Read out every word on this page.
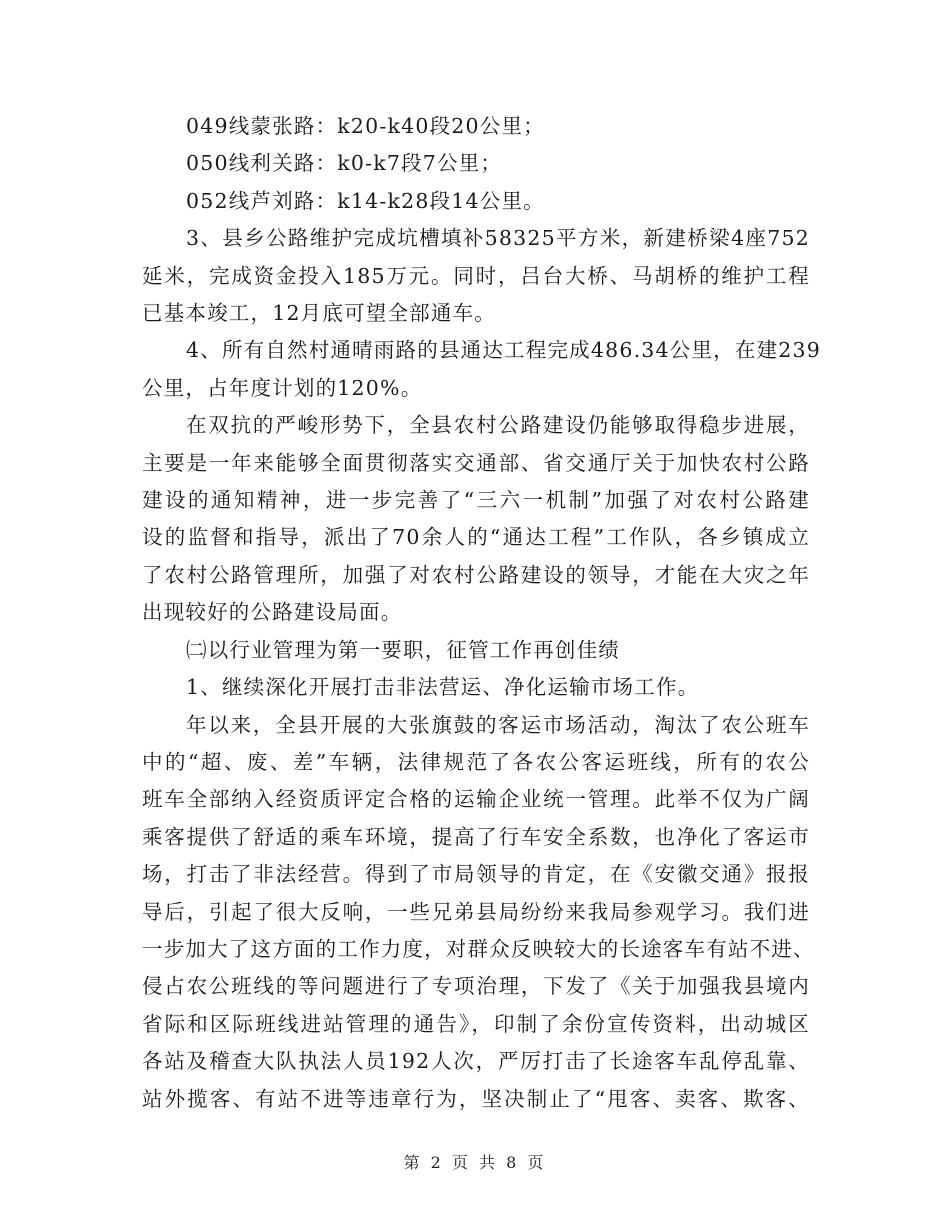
049线蒙张路：k20-k40段20公里；
050线利关路：k0-k7段7公里；
052线芦刘路：k14-k28段14公里。
3、县乡公路维护完成坑槽填补58325平方米，新建桥梁4座752
延米，完成资金投入185万元。同时，吕台大桥、马胡桥的维护工程
已基本竣工，12月底可望全部通车。
4、所有自然村通晴雨路的县通达工程完成486.34公里，在建239
公里，占年度计划的120%。
在双抗的严峻形势下，全县农村公路建设仍能够取得稳步进展，
主要是一年来能够全面贯彻落实交通部、省交通厅关于加快农村公路
建设的通知精神，进一步完善了“三六一机制”加强了对农村公路建
设的监督和指导，派出了70余人的“通达工程”工作队，各乡镇成立
了农村公路管理所，加强了对农村公路建设的领导，才能在大灾之年
出现较好的公路建设局面。
㈡以行业管理为第一要职，征管工作再创佳绩
1、继续深化开展打击非法营运、净化运输市场工作。
年以来，全县开展的大张旗鼓的客运市场活动，淘汰了农公班车
中的“超、废、差”车辆，法律规范了各农公客运班线，所有的农公
班车全部纳入经资质评定合格的运输企业统一管理。此举不仅为广阔
乘客提供了舒适的乘车环境，提高了行车安全系数，也净化了客运市
场，打击了非法经营。得到了市局领导的肯定，在《安徽交通》报报
导后，引起了很大反响，一些兄弟县局纷纷来我局参观学习。我们进
一步加大了这方面的工作力度，对群众反映较大的长途客车有站不进、
侵占农公班线的等问题进行了专项治理，下发了《关于加强我县境内
省际和区际班线进站管理的通告》，印制了余份宣传资料，出动城区
各站及稽查大队执法人员192人次，严厉打击了长途客车乱停乱靠、
站外揽客、有站不进等违章行为，坚决制止了“甩客、卖客、欺客、
第 2 页 共 8 页
